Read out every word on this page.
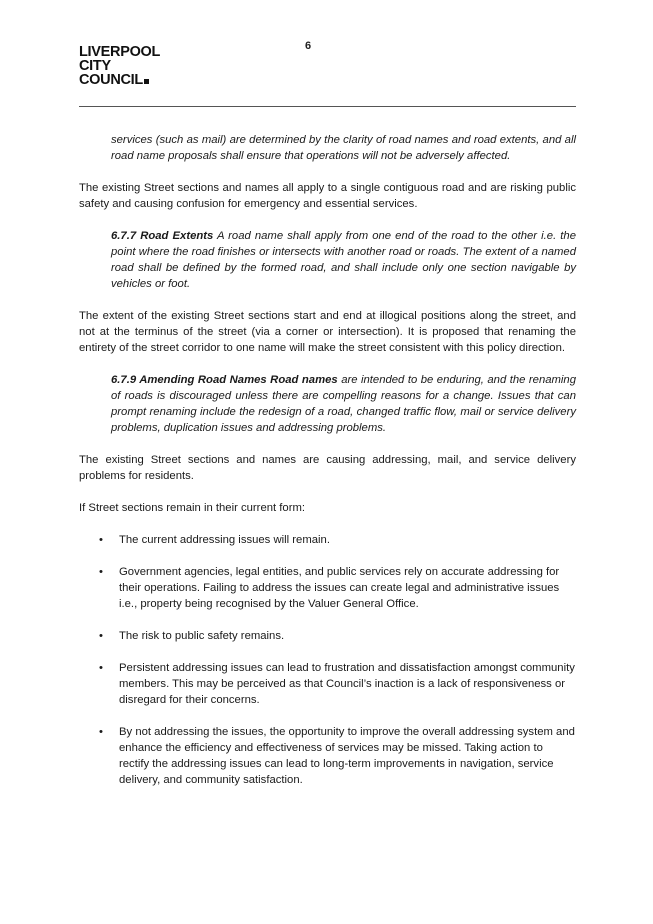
LIVERPOOL
CITY
COUNCIL
6

services (such as mail) are determined by the clarity of road names and road extents, and all road name proposals shall ensure that operations will not be adversely affected.

The existing Street sections and names all apply to a single contiguous road and are risking public safety and causing confusion for emergency and essential services.

6.7.7 Road Extents A road name shall apply from one end of the road to the other i.e. the point where the road finishes or intersects with another road or roads. The extent of a named road shall be defined by the formed road, and shall include only one section navigable by vehicles or foot.

The extent of the existing Street sections start and end at illogical positions along the street, and not at the terminus of the street (via a corner or intersection). It is proposed that renaming the entirety of the street corridor to one name will make the street consistent with this policy direction.

6.7.9 Amending Road Names Road names are intended to be enduring, and the renaming of roads is discouraged unless there are compelling reasons for a change. Issues that can prompt renaming include the redesign of a road, changed traffic flow, mail or service delivery problems, duplication issues and addressing problems.

The existing Street sections and names are causing addressing, mail, and service delivery problems for residents.

If Street sections remain in their current form:

• The current addressing issues will remain.
• Government agencies, legal entities, and public services rely on accurate addressing for their operations. Failing to address the issues can create legal and administrative issues i.e., property being recognised by the Valuer General Office.
• The risk to public safety remains.
• Persistent addressing issues can lead to frustration and dissatisfaction amongst community members. This may be perceived as that Council’s inaction is a lack of responsiveness or disregard for their concerns.
• By not addressing the issues, the opportunity to improve the overall addressing system and enhance the efficiency and effectiveness of services may be missed. Taking action to rectify the addressing issues can lead to long-term improvements in navigation, service delivery, and community satisfaction.
